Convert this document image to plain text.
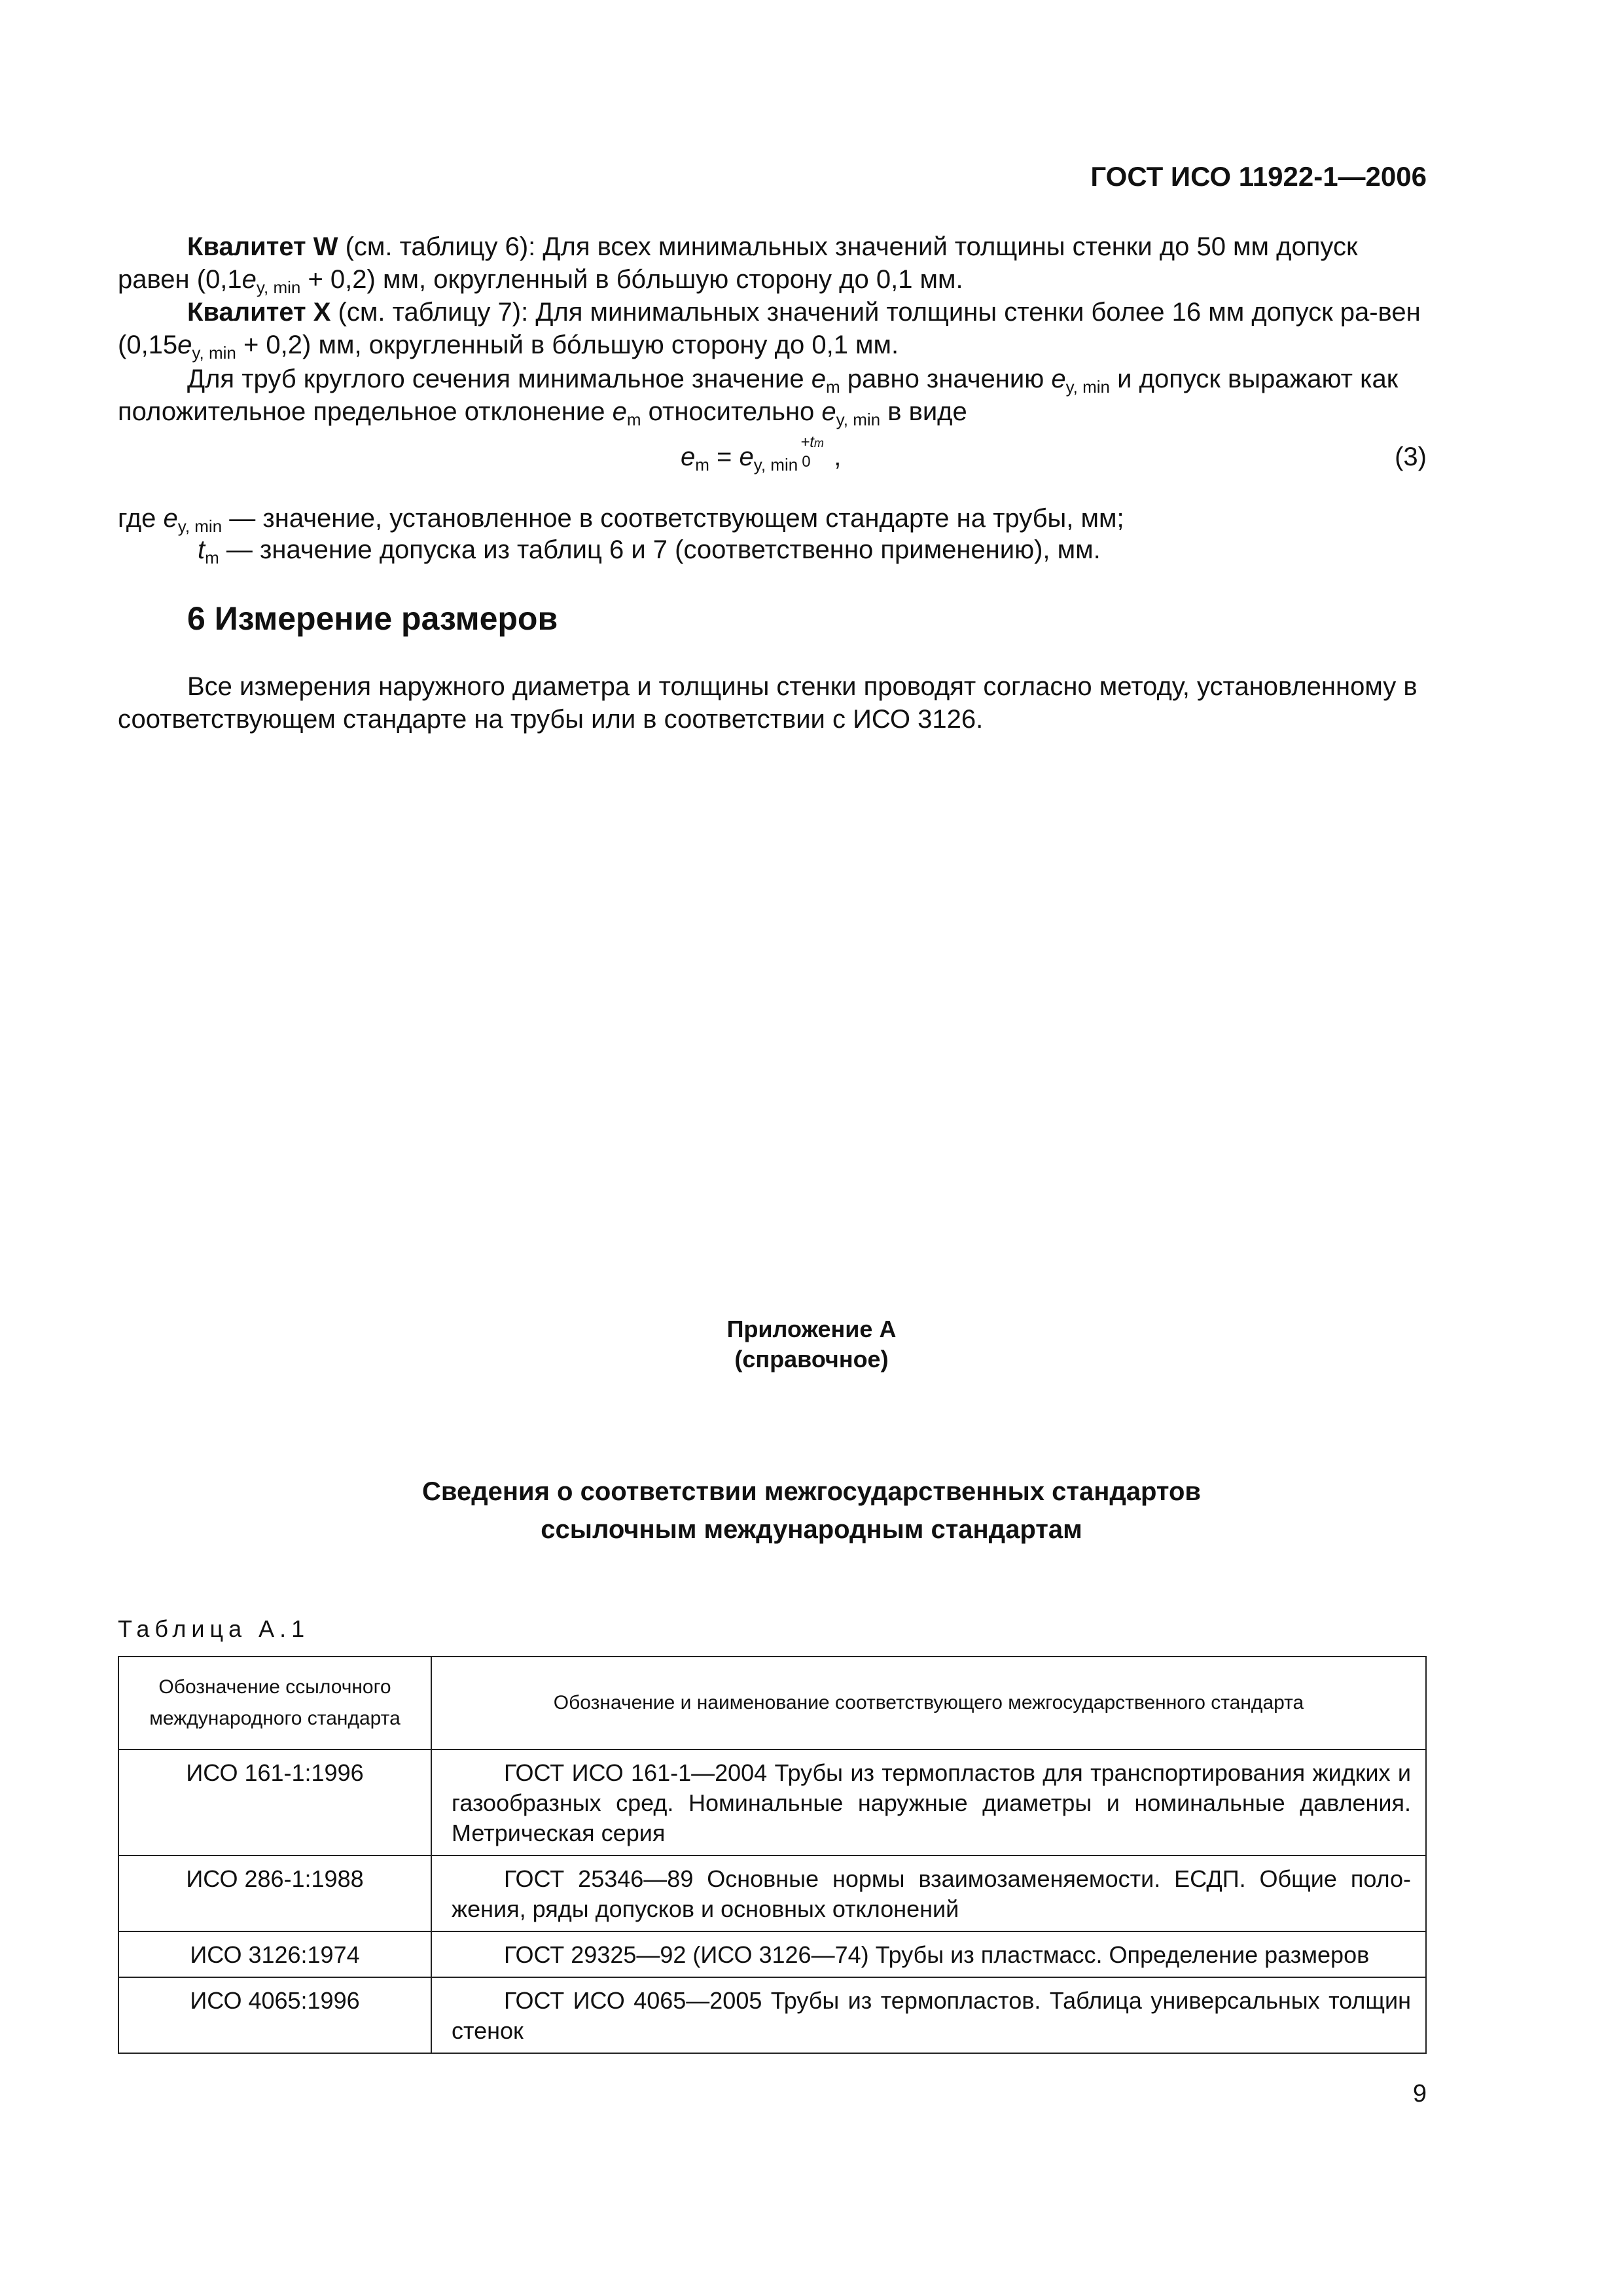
ГОСТ ИСО 11922-1—2006
Квалитет W (см. таблицу 6): Для всех минимальных значений толщины стенки до 50 мм допуск равен $(0,1e_{y, min} + 0,2)$ мм, округленный в бóльшую сторону до 0,1 мм.
Квалитет X (см. таблицу 7): Для минимальных значений толщины стенки более 16 мм допуск ра-вен $(0,15e_{y, min} + 0,2)$ мм, округленный в бóльшую сторону до 0,1 мм.
Для труб круглого сечения минимальное значение $e_m$ равно значению $e_{y, min}$ и допуск выражают как положительное предельное отклонение $e_m$ относительно $e_{y, min}$ в виде
$e_m = e_{y, min}$
+tm
0 ,	(3)
где $e_{y, min}$ — значение, установленное в соответствующем стандарте на трубы, мм;
$t_m$ — значение допуска из таблиц 6 и 7 (соответственно применению), мм.
6 Измерение размеров
Все измерения наружного диаметра и толщины стенки проводят согласно методу, установленному в соответствующем стандарте на трубы или в соответствии с ИСО 3126.
Приложение А
(справочное)
Сведения о соответствии межгосударственных стандартов
ссылочным международным стандартам
Таблица А.1
Обозначение ссылочного
международного стандарта	Обозначение и наименование соответствующего межгосударственного стандарта
ИСО 161-1:1996	ГОСТ ИСО 161-1—2004 Трубы из термопластов для транспортирования жидких и газообразных сред. Номинальные наружные диаметры и номинальные давления. Метрическая серия

ИСО 286-1:1988	ГОСТ 25346—89 Основные нормы взаимозаменяемости. ЕСДП. Общие поло-жения, ряды допусков и основных отклонений

ИСО 3126:1974	ГОСТ 29325—92 (ИСО 3126—74) Трубы из пластмасс. Определение размеров

ИСО 4065:1996	ГОСТ ИСО 4065—2005 Трубы из термопластов. Таблица универсальных толщин стенок
9
